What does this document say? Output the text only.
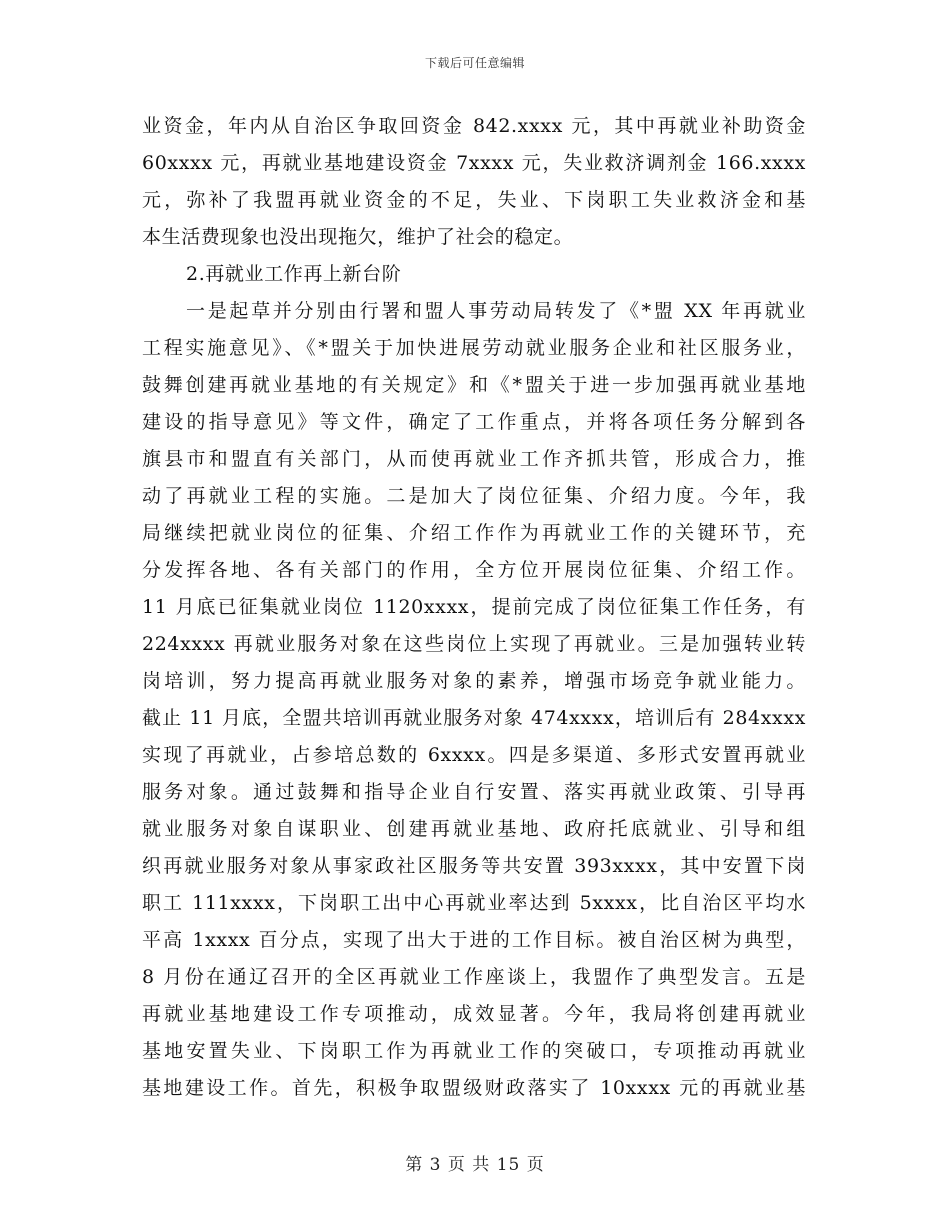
下载后可任意编辑
业资金，年内从自治区争取回资金 842.xxxx 元，其中再就业补助资金
60xxxx 元，再就业基地建设资金 7xxxx 元，失业救济调剂金 166.xxxx
元，弥补了我盟再就业资金的不足，失业、下岗职工失业救济金和基
本生活费现象也没出现拖欠，维护了社会的稳定。
2.再就业工作再上新台阶
一是起草并分别由行署和盟人事劳动局转发了《*盟 XX 年再就业
工程实施意见》、《*盟关于加快进展劳动就业服务企业和社区服务业，
鼓舞创建再就业基地的有关规定》和《*盟关于进一步加强再就业基地
建设的指导意见》等文件，确定了工作重点，并将各项任务分解到各
旗县市和盟直有关部门，从而使再就业工作齐抓共管，形成合力，推
动了再就业工程的实施。二是加大了岗位征集、介绍力度。今年，我
局继续把就业岗位的征集、介绍工作作为再就业工作的关键环节，充
分发挥各地、各有关部门的作用，全方位开展岗位征集、介绍工作。
11 月底已征集就业岗位 1120xxxx，提前完成了岗位征集工作任务，有
224xxxx 再就业服务对象在这些岗位上实现了再就业。三是加强转业转
岗培训，努力提高再就业服务对象的素养，增强市场竞争就业能力。
截止 11 月底，全盟共培训再就业服务对象 474xxxx，培训后有 284xxxx
实现了再就业，占参培总数的 6xxxx。四是多渠道、多形式安置再就业
服务对象。通过鼓舞和指导企业自行安置、落实再就业政策、引导再
就业服务对象自谋职业、创建再就业基地、政府托底就业、引导和组
织再就业服务对象从事家政社区服务等共安置 393xxxx，其中安置下岗
职工 111xxxx，下岗职工出中心再就业率达到 5xxxx，比自治区平均水
平高 1xxxx 百分点，实现了出大于进的工作目标。被自治区树为典型，
8 月份在通辽召开的全区再就业工作座谈上，我盟作了典型发言。五是
再就业基地建设工作专项推动，成效显著。今年，我局将创建再就业
基地安置失业、下岗职工作为再就业工作的突破口，专项推动再就业
基地建设工作。首先，积极争取盟级财政落实了 10xxxx 元的再就业基
第 3 页 共 15 页
